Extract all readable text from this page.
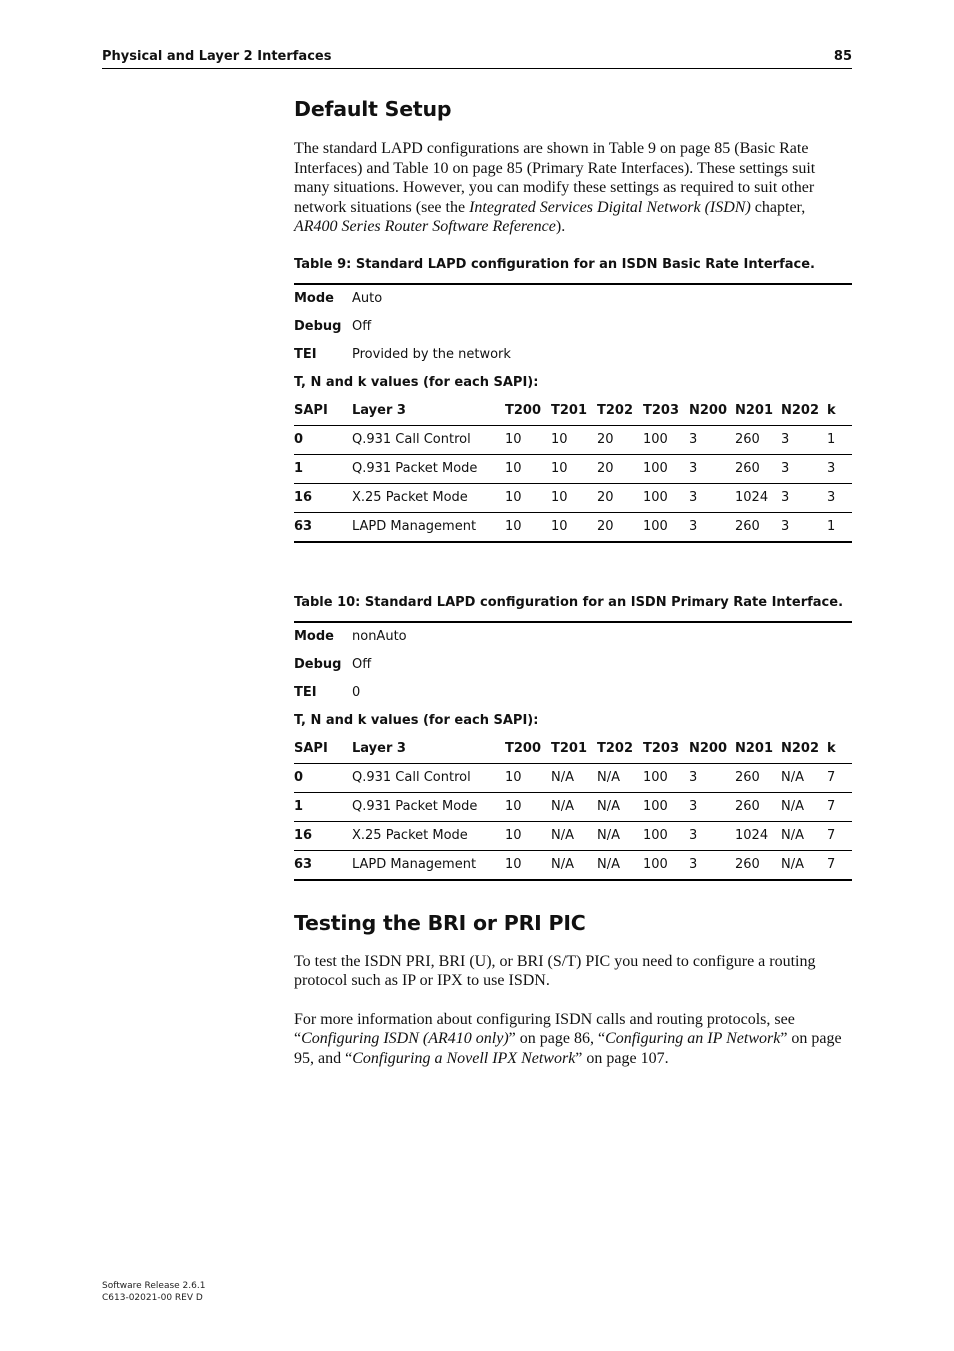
Physical and Layer 2 Interfaces	85
Default Setup

The standard LAPD configurations are shown in Table 9 on page 85 (Basic Rate Interfaces) and Table 10 on page 85 (Primary Rate Interfaces). These settings suit many situations. However, you can modify these settings as required to suit other network situations (see the Integrated Services Digital Network (ISDN) chapter, AR400 Series Router Software Reference).

Table 9: Standard LAPD configuration for an ISDN Basic Rate Interface.

Mode	Auto								
Debug	Off								
TEI	Provided by the network								
T, N and k values (for each SAPI):									
SAPI	Layer 3	T200	T201	T202	T203	N200	N201	N202	k
0	Q.931 Call Control	10	10	20	100	3	260	3	1
1	Q.931 Packet Mode	10	10	20	100	3	260	3	3
16	X.25 Packet Mode	10	10	20	100	3	1024	3	3
63	LAPD Management	10	10	20	100	3	260	3	1

Table 10: Standard LAPD configuration for an ISDN Primary Rate Interface.

Mode	nonAuto								
Debug	Off								
TEI	0								
T, N and k values (for each SAPI):									
SAPI	Layer 3	T200	T201	T202	T203	N200	N201	N202	k
0	Q.931 Call Control	10	N/A	N/A	100	3	260	N/A	7
1	Q.931 Packet Mode	10	N/A	N/A	100	3	260	N/A	7
16	X.25 Packet Mode	10	N/A	N/A	100	3	1024	N/A	7
63	LAPD Management	10	N/A	N/A	100	3	260	N/A	7
Testing the BRI or PRI PIC

To test the ISDN PRI, BRI (U), or BRI (S/T) PIC you need to configure a routing protocol such as IP or IPX to use ISDN.

For more information about configuring ISDN calls and routing protocols, see “Configuring ISDN (AR410 only)” on page 86, “Configuring an IP Network” on page 95, and “Configuring a Novell IPX Network” on page 107.

Software Release 2.6.1
C613-02021-00 REV D
